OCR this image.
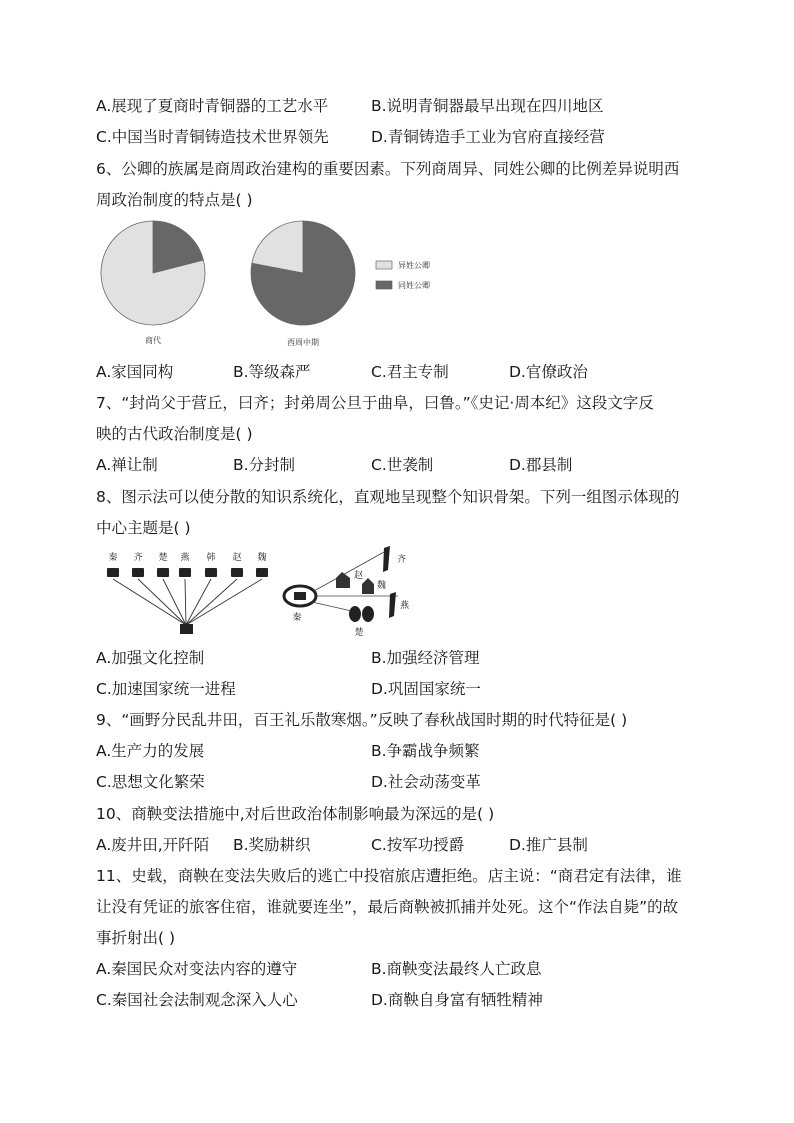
A.展现了夏商时青铜器的工艺水平	B.说明青铜器最早出现在四川地区
C.中国当时青铜铸造技术世界领先	D.青铜铸造手工业为官府直接经营
6、公卿的族属是商周政治建构的重要因素。下列商周异、同姓公卿的比例差异说明西
周政治制度的特点是( )
商代	西周中期
异姓公卿
同姓公卿
A.家国同构	B.等级森严	C.君主专制	D.官僚政治
7、“封尚父于营丘，曰齐；封弟周公旦于曲阜，曰鲁。”《史记·周本纪》这段文字反
映的古代政治制度是( )
A.禅让制	B.分封制	C.世袭制	D.郡县制
8、图示法可以使分散的知识系统化，直观地呈现整个知识骨架。下列一组图示体现的
中心主题是( )
秦 齐 楚 燕 韩 赵 魏
秦
齐
赵
魏
燕
楚
A.加强文化控制	B.加强经济管理
C.加速国家统一进程	D.巩固国家统一
9、“画野分民乱井田，百王礼乐散寒烟。”反映了春秋战国时期的时代特征是( )
A.生产力的发展	B.争霸战争频繁
C.思想文化繁荣	D.社会动荡变革
10、商鞅变法措施中,对后世政治体制影响最为深远的是( )
A.废井田,开阡陌 B.奖励耕织	C.按军功授爵	D.推广县制
11、史载，商鞅在变法失败后的逃亡中投宿旅店遭拒绝。店主说：“商君定有法律，谁
让没有凭证的旅客住宿，谁就要连坐”，最后商鞅被抓捕并处死。这个“作法自毙”的故
事折射出( )
A.秦国民众对变法内容的遵守	B.商鞅变法最终人亡政息
C.秦国社会法制观念深入人心	D.商鞅自身富有牺牲精神
